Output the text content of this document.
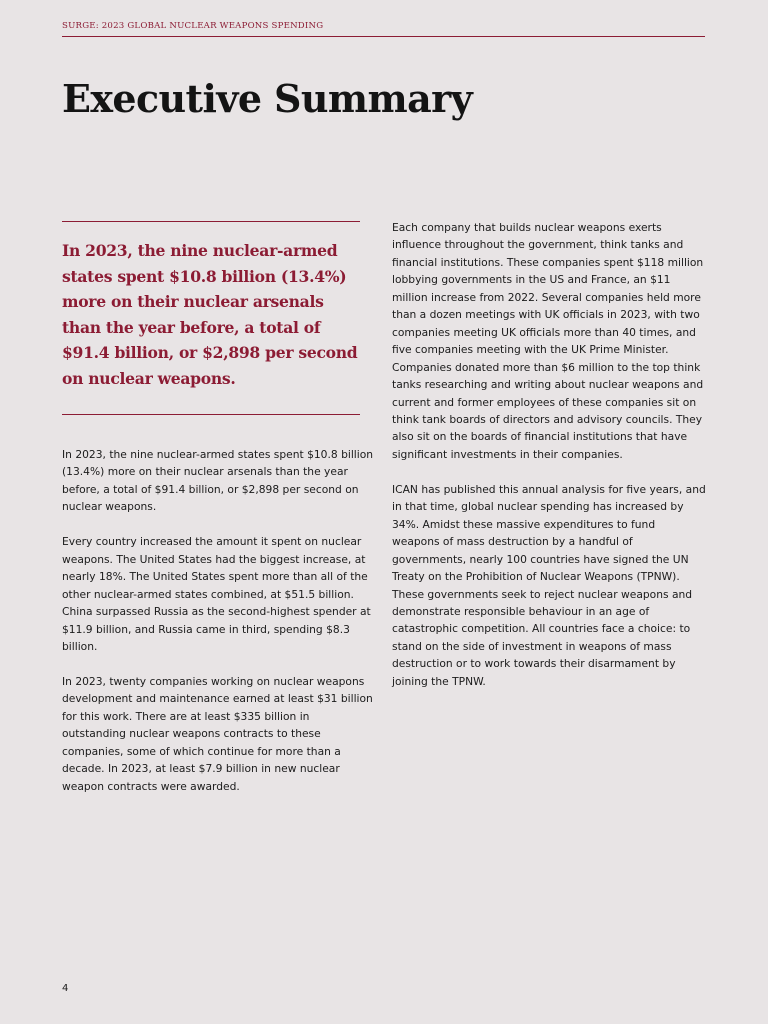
SURGE: 2023 GLOBAL NUCLEAR WEAPONS SPENDING
Executive Summary

In 2023, the nine nuclear-armed states spent $10.8 billion (13.4%) more on their nuclear arsenals than the year before, a total of $91.4 billion, or $2,898 per second on nuclear weapons.

In 2023, the nine nuclear-armed states spent $10.8 billion (13.4%) more on their nuclear arsenals than the year before, a total of $91.4 billion, or $2,898 per second on nuclear weapons.

Every country increased the amount it spent on nuclear weapons. The United States had the biggest increase, at nearly 18%. The United States spent more than all of the other nuclear-armed states combined, at $51.5 billion. China surpassed Russia as the second-highest spender at $11.9 billion, and Russia came in third, spending $8.3 billion.

In 2023, twenty companies working on nuclear weapons development and maintenance earned at least $31 billion for this work. There are at least $335 billion in outstanding nuclear weapons contracts to these companies, some of which continue for more than a decade. In 2023, at least $7.9 billion in new nuclear weapon contracts were awarded.

Each company that builds nuclear weapons exerts influence throughout the government, think tanks and financial institutions. These companies spent $118 million lobbying governments in the US and France, an $11 million increase from 2022. Several companies held more than a dozen meetings with UK officials in 2023, with two companies meeting UK officials more than 40 times, and five companies meeting with the UK Prime Minister. Companies donated more than $6 million to the top think tanks researching and writing about nuclear weapons and current and former employees of these companies sit on think tank boards of directors and advisory councils. They also sit on the boards of financial institutions that have significant investments in their companies.

ICAN has published this annual analysis for five years, and in that time, global nuclear spending has increased by 34%. Amidst these massive expenditures to fund weapons of mass destruction by a handful of governments, nearly 100 countries have signed the UN Treaty on the Prohibition of Nuclear Weapons (TPNW). These governments seek to reject nuclear weapons and demonstrate responsible behaviour in an age of catastrophic competition. All countries face a choice: to stand on the side of investment in weapons of mass destruction or to work towards their disarmament by joining the TPNW.

4
